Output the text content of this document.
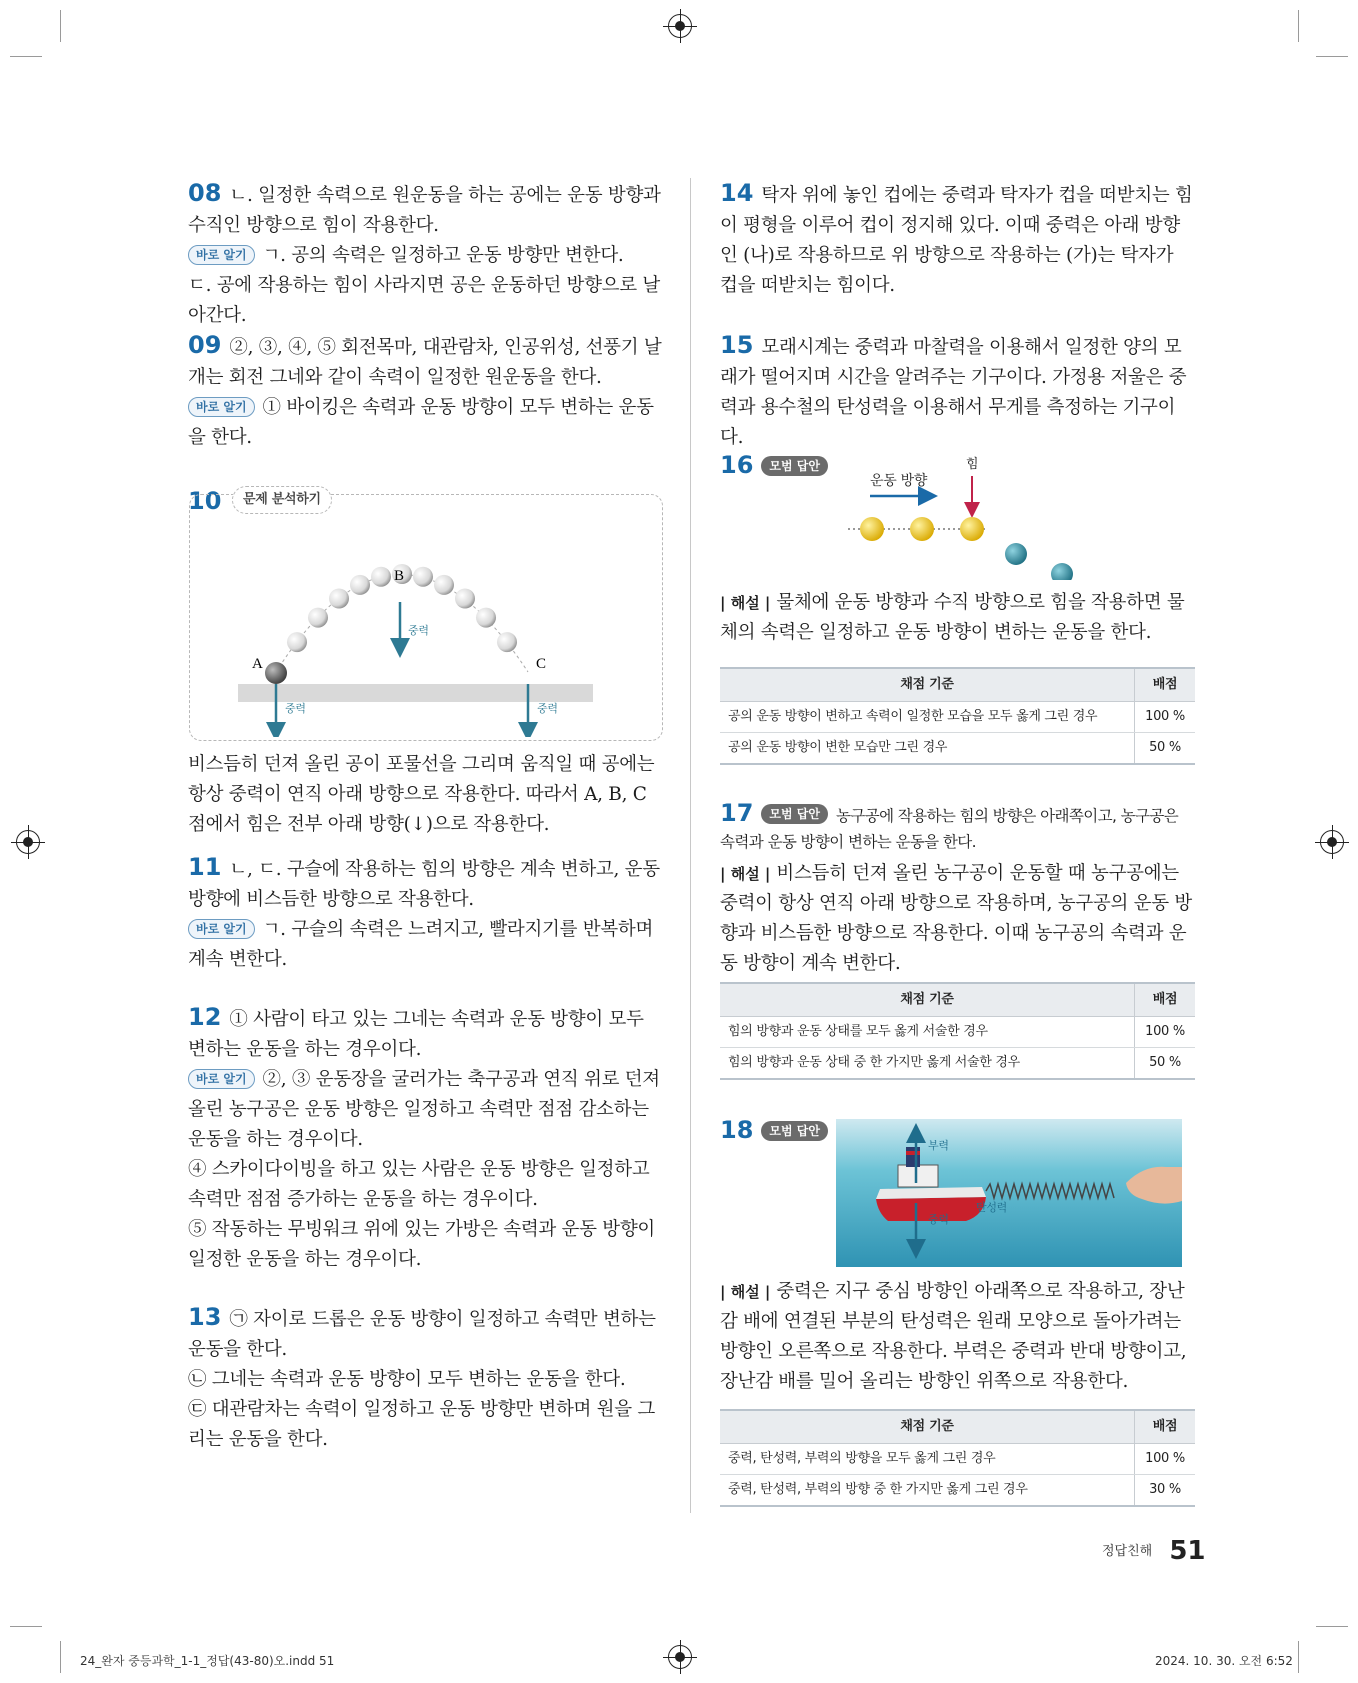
08 ㄴ. 일정한 속력으로 원운동을 하는 공에는 운동 방향과 수직인 방향으로 힘이 작용한다.

바로 알기 ㄱ. 공의 속력은 일정하고 운동 방향만 변한다.

ㄷ. 공에 작용하는 힘이 사라지면 공은 운동하던 방향으로 날아간다.

09 ②, ③, ④, ⑤ 회전목마, 대관람차, 인공위성, 선풍기 날개는 회전 그네와 같이 속력이 일정한 원운동을 한다.

바로 알기 ① 바이킹은 속력과 운동 방향이 모두 변하는 운동을 한다.

10	문제 분석하기
A
B
C
중력
중력
중력

비스듬히 던져 올린 공이 포물선을 그리며 움직일 때 공에는 항상 중력이 연직 아래 방향으로 작용한다. 따라서 A, B, C 점에서 힘은 전부 아래 방향(↓)으로 작용한다.

11 ㄴ, ㄷ. 구슬에 작용하는 힘의 방향은 계속 변하고, 운동 방향에 비스듬한 방향으로 작용한다.

바로 알기 ㄱ. 구슬의 속력은 느려지고, 빨라지기를 반복하며 계속 변한다.

12 ① 사람이 타고 있는 그네는 속력과 운동 방향이 모두 변하는 운동을 하는 경우이다.

바로 알기 ②, ③ 운동장을 굴러가는 축구공과 연직 위로 던져 올린 농구공은 운동 방향은 일정하고 속력만 점점 감소하는 운동을 하는 경우이다.

④ 스카이다이빙을 하고 있는 사람은 운동 방향은 일정하고 속력만 점점 증가하는 운동을 하는 경우이다.

⑤ 작동하는 무빙워크 위에 있는 가방은 속력과 운동 방향이 일정한 운동을 하는 경우이다.

13 ㉠ 자이로 드롭은 운동 방향이 일정하고 속력만 변하는 운동을 한다.

㉡ 그네는 속력과 운동 방향이 모두 변하는 운동을 한다.

㉢ 대관람차는 속력이 일정하고 운동 방향만 변하며 원을 그리는 운동을 한다.

14 탁자 위에 놓인 컵에는 중력과 탁자가 컵을 떠받치는 힘이 평형을 이루어 컵이 정지해 있다. 이때 중력은 아래 방향인 (나)로 작용하므로 위 방향으로 작용하는 (가)는 탁자가 컵을 떠받치는 힘이다.

15 모래시계는 중력과 마찰력을 이용해서 일정한 양의 모래가 떨어지며 시간을 알려주는 기구이다. 가정용 저울은 중력과 용수철의 탄성력을 이용해서 무게를 측정하는 기구이다.

16 모범 답안
운동 방향
힘

| 해설 | 물체에 운동 방향과 수직 방향으로 힘을 작용하면 물체의 속력은 일정하고 운동 방향이 변하는 운동을 한다.

채점 기준	배점
공의 운동 방향이 변하고 속력이 일정한 모습을 모두 옳게 그린 경우	100 %
공의 운동 방향이 변한 모습만 그린 경우	50 %

17 모범 답안 농구공에 작용하는 힘의 방향은 아래쪽이고, 농구공은 속력과 운동 방향이 변하는 운동을 한다.

| 해설 | 비스듬히 던져 올린 농구공이 운동할 때 농구공에는 중력이 항상 연직 아래 방향으로 작용하며, 농구공의 운동 방향과 비스듬한 방향으로 작용한다. 이때 농구공의 속력과 운동 방향이 계속 변한다.

채점 기준	배점
힘의 방향과 운동 상태를 모두 옳게 서술한 경우	100 %
힘의 방향과 운동 상태 중 한 가지만 옳게 서술한 경우	50 %
18 모범 답안
부력
중력
탄성력

| 해설 | 중력은 지구 중심 방향인 아래쪽으로 작용하고, 장난감 배에 연결된 부분의 탄성력은 원래 모양으로 돌아가려는 방향인 오른쪽으로 작용한다. 부력은 중력과 반대 방향이고, 장난감 배를 밀어 올리는 방향인 위쪽으로 작용한다.

채점 기준	배점
중력, 탄성력, 부력의 방향을 모두 옳게 그린 경우	100 %
중력, 탄성력, 부력의 방향 중 한 가지만 옳게 그린 경우	30 %
$^{정답친해}$ 51
24_완자 중등과학_1-1_정답(43-80)오.indd 51	2024. 10. 30. 오전 6:52
